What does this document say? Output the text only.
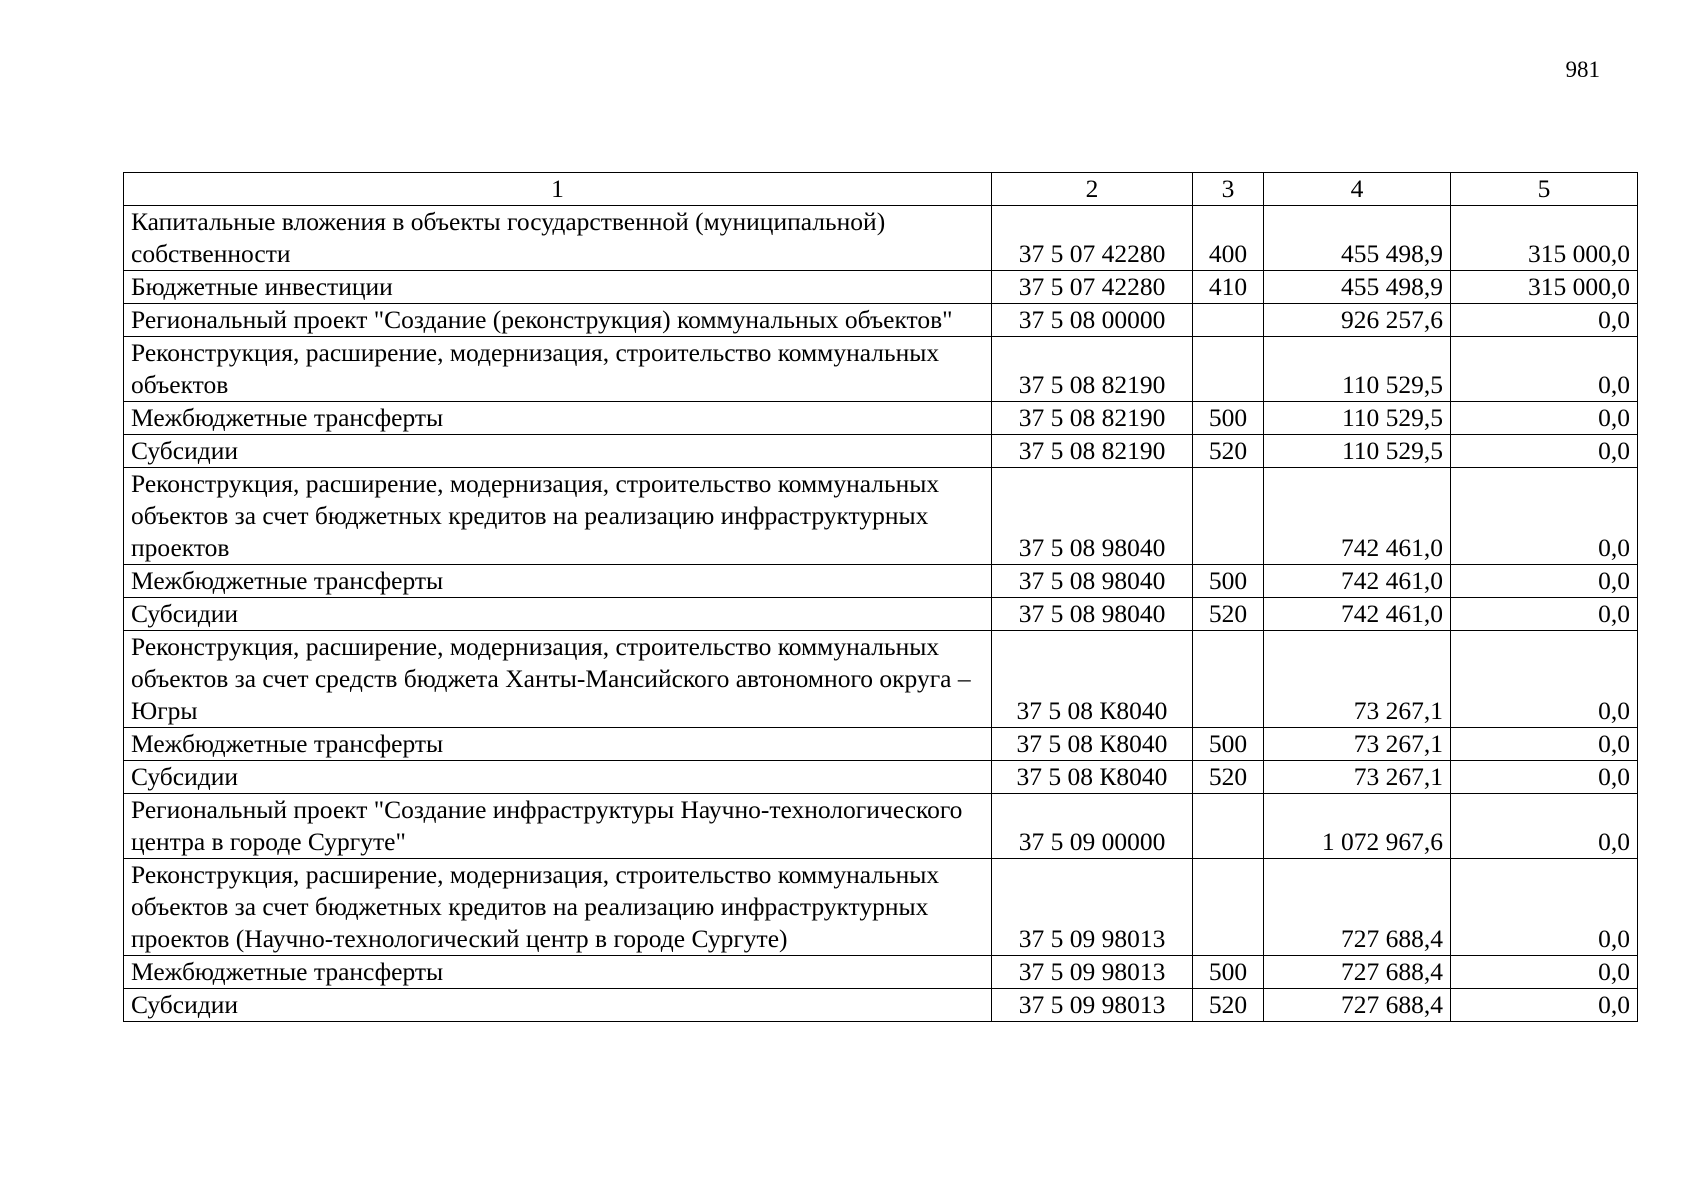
981
1	2	3	4	5
Капитальные вложения в объекты государственной (муниципальной) собственности	37 5 07 42280	400	455 498,9	315 000,0
Бюджетные инвестиции	37 5 07 42280	410	455 498,9	315 000,0
Региональный проект "Создание (реконструкция) коммунальных объектов"	37 5 08 00000		926 257,6	0,0
Реконструкция, расширение, модернизация, строительство коммунальных объектов	37 5 08 82190		110 529,5	0,0
Межбюджетные трансферты	37 5 08 82190	500	110 529,5	0,0
Субсидии	37 5 08 82190	520	110 529,5	0,0
Реконструкция, расширение, модернизация, строительство коммунальных объектов за счет бюджетных кредитов на реализацию инфраструктурных проектов	37 5 08 98040		742 461,0	0,0
Межбюджетные трансферты	37 5 08 98040	500	742 461,0	0,0
Субсидии	37 5 08 98040	520	742 461,0	0,0
Реконструкция, расширение, модернизация, строительство коммунальных объектов за счет средств бюджета Ханты-Мансийского автономного округа – Югры	37 5 08 К8040		73 267,1	0,0
Межбюджетные трансферты	37 5 08 К8040	500	73 267,1	0,0
Субсидии	37 5 08 К8040	520	73 267,1	0,0
Региональный проект "Создание инфраструктуры Научно-технологического центра в городе Сургуте"	37 5 09 00000		1 072 967,6	0,0
Реконструкция, расширение, модернизация, строительство коммунальных объектов за счет бюджетных кредитов на реализацию инфраструктурных проектов (Научно-технологический центр в городе Сургуте)	37 5 09 98013		727 688,4	0,0
Межбюджетные трансферты	37 5 09 98013	500	727 688,4	0,0
Субсидии	37 5 09 98013	520	727 688,4	0,0
